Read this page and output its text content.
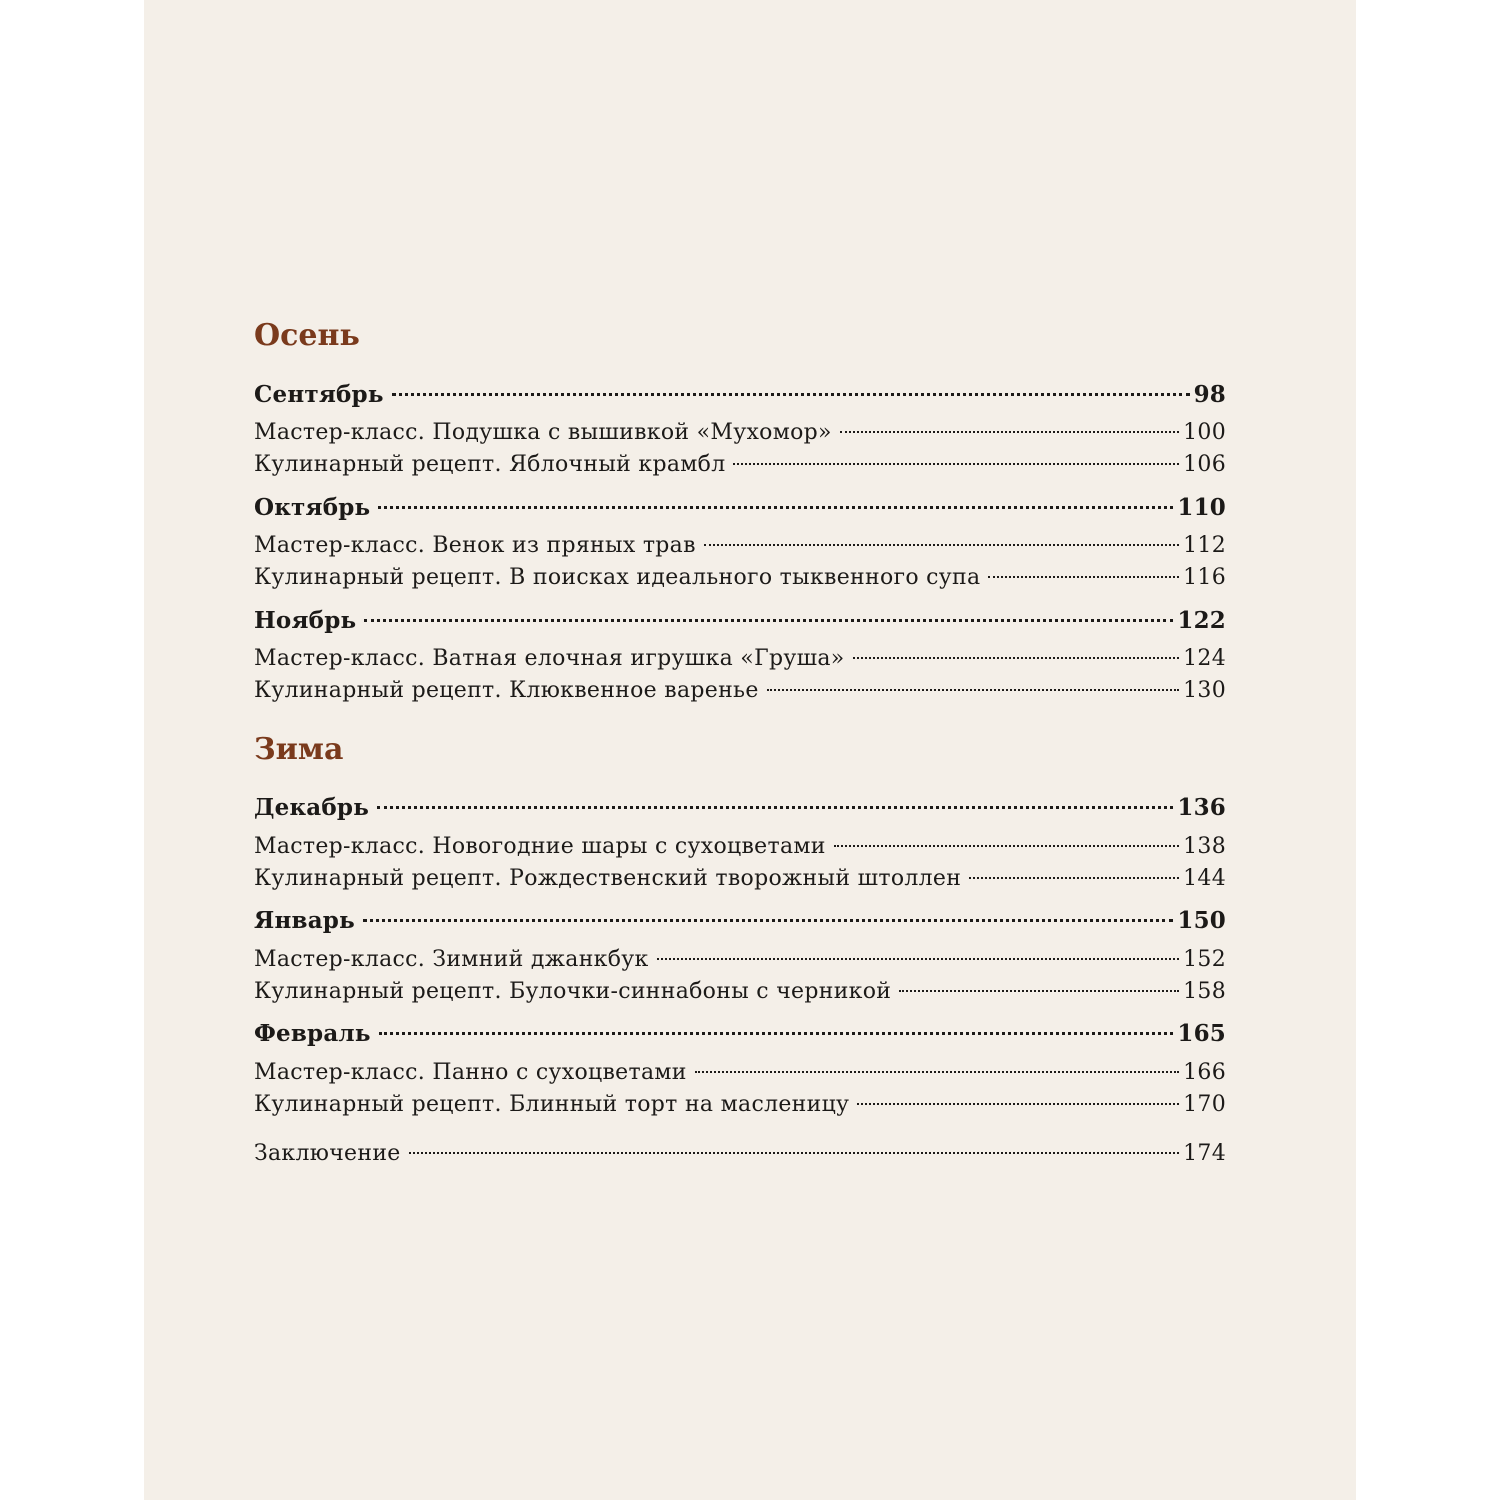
Осень
Сентябрь	98
Мастер-класс. Подушка с вышивкой «Мухомор»	100
Кулинарный рецепт. Яблочный крамбл	106
Октябрь	110
Мастер-класс. Венок из пряных трав	112
Кулинарный рецепт. В поисках идеального тыквенного супа	116
Ноябрь	122
Мастер-класс. Ватная елочная игрушка «Груша»	124
Кулинарный рецепт. Клюквенное варенье	130
Зима
Декабрь	136
Мастер-класс. Новогодние шары с сухоцветами	138
Кулинарный рецепт. Рождественский творожный штоллен	144
Январь	150
Мастер-класс. Зимний джанкбук	152
Кулинарный рецепт. Булочки-синнабоны с черникой	158
Февраль	165
Мастер-класс. Панно с сухоцветами	166
Кулинарный рецепт. Блинный торт на масленицу	170
Заключение	174
